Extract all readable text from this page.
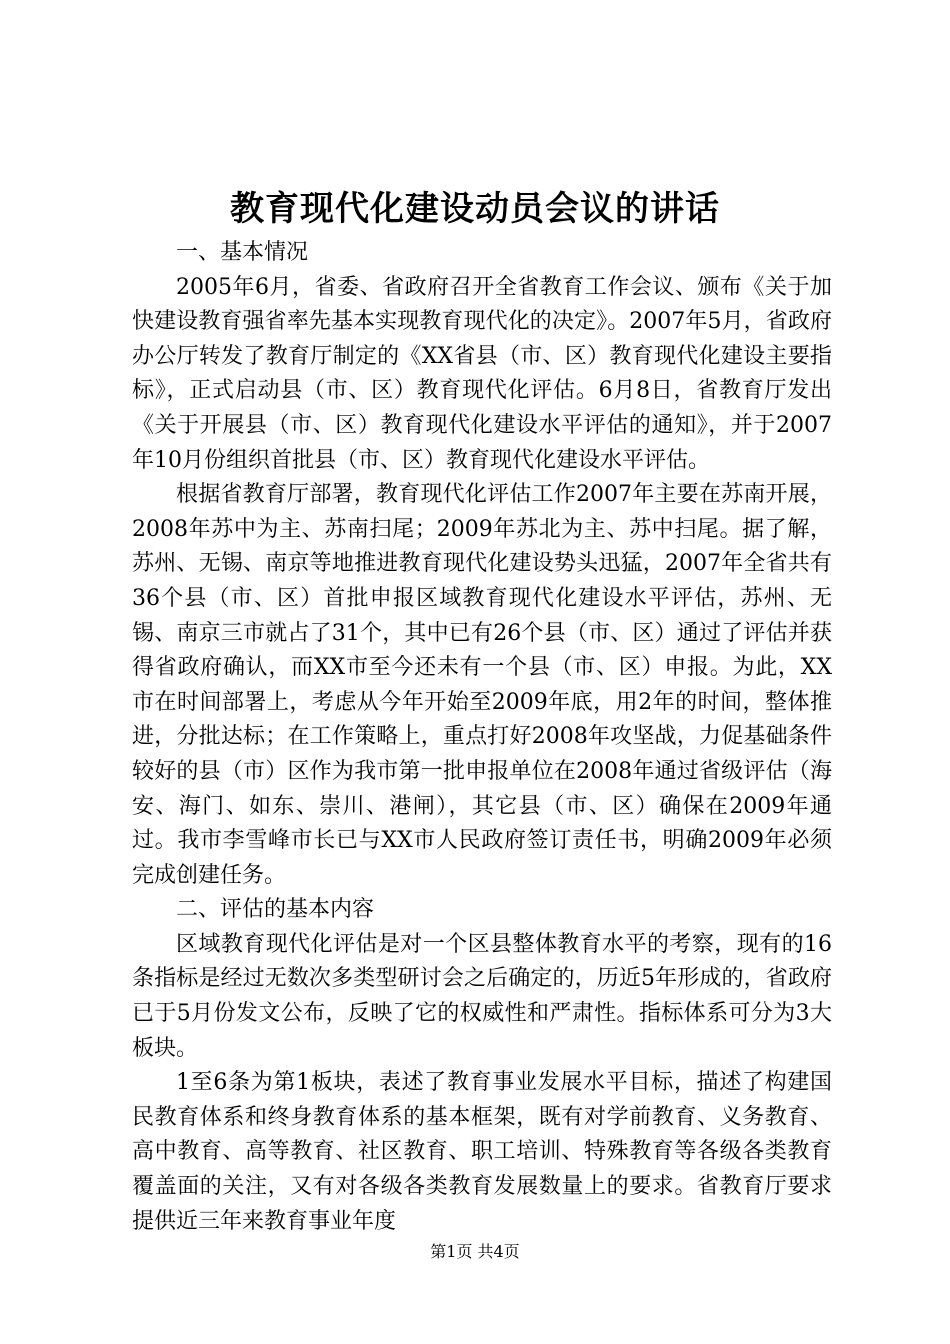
教育现代化建设动员会议的讲话

一、基本情况

2005年6月，省委、省政府召开全省教育工作会议、颁布《关于加快建设教育强省率先基本实现教育现代化的决定》。2007年5月，省政府办公厅转发了教育厅制定的《XX省县（市、区）教育现代化建设主要指标》，正式启动县（市、区）教育现代化评估。6月8日，省教育厅发出《关于开展县（市、区）教育现代化建设水平评估的通知》，并于2007年10月份组织首批县（市、区）教育现代化建设水平评估。

根据省教育厅部署，教育现代化评估工作2007年主要在苏南开展，2008年苏中为主、苏南扫尾；2009年苏北为主、苏中扫尾。据了解，苏州、无锡、南京等地推进教育现代化建设势头迅猛，2007年全省共有36个县（市、区）首批申报区域教育现代化建设水平评估，苏州、无锡、南京三市就占了31个，其中已有26个县（市、区）通过了评估并获得省政府确认，而XX市至今还未有一个县（市、区）申报。为此，XX市在时间部署上，考虑从今年开始至2009年底，用2年的时间，整体推进，分批达标；在工作策略上，重点打好2008年攻坚战，力促基础条件较好的县（市）区作为我市第一批申报单位在2008年通过省级评估（海安、海门、如东、崇川、港闸），其它县（市、区）确保在2009年通过。我市李雪峰市长已与XX市人民政府签订责任书，明确2009年必须完成创建任务。

二、评估的基本内容

区域教育现代化评估是对一个区县整体教育水平的考察，现有的16条指标是经过无数次多类型研讨会之后确定的，历近5年形成的，省政府已于5月份发文公布，反映了它的权威性和严肃性。指标体系可分为3大板块。

1至6条为第1板块，表述了教育事业发展水平目标，描述了构建国民教育体系和终身教育体系的基本框架，既有对学前教育、义务教育、高中教育、高等教育、社区教育、职工培训、特殊教育等各级各类教育覆盖面的关注，又有对各级各类教育发展数量上的要求。省教育厅要求提供近三年来教育事业年度

第1页 共4页
